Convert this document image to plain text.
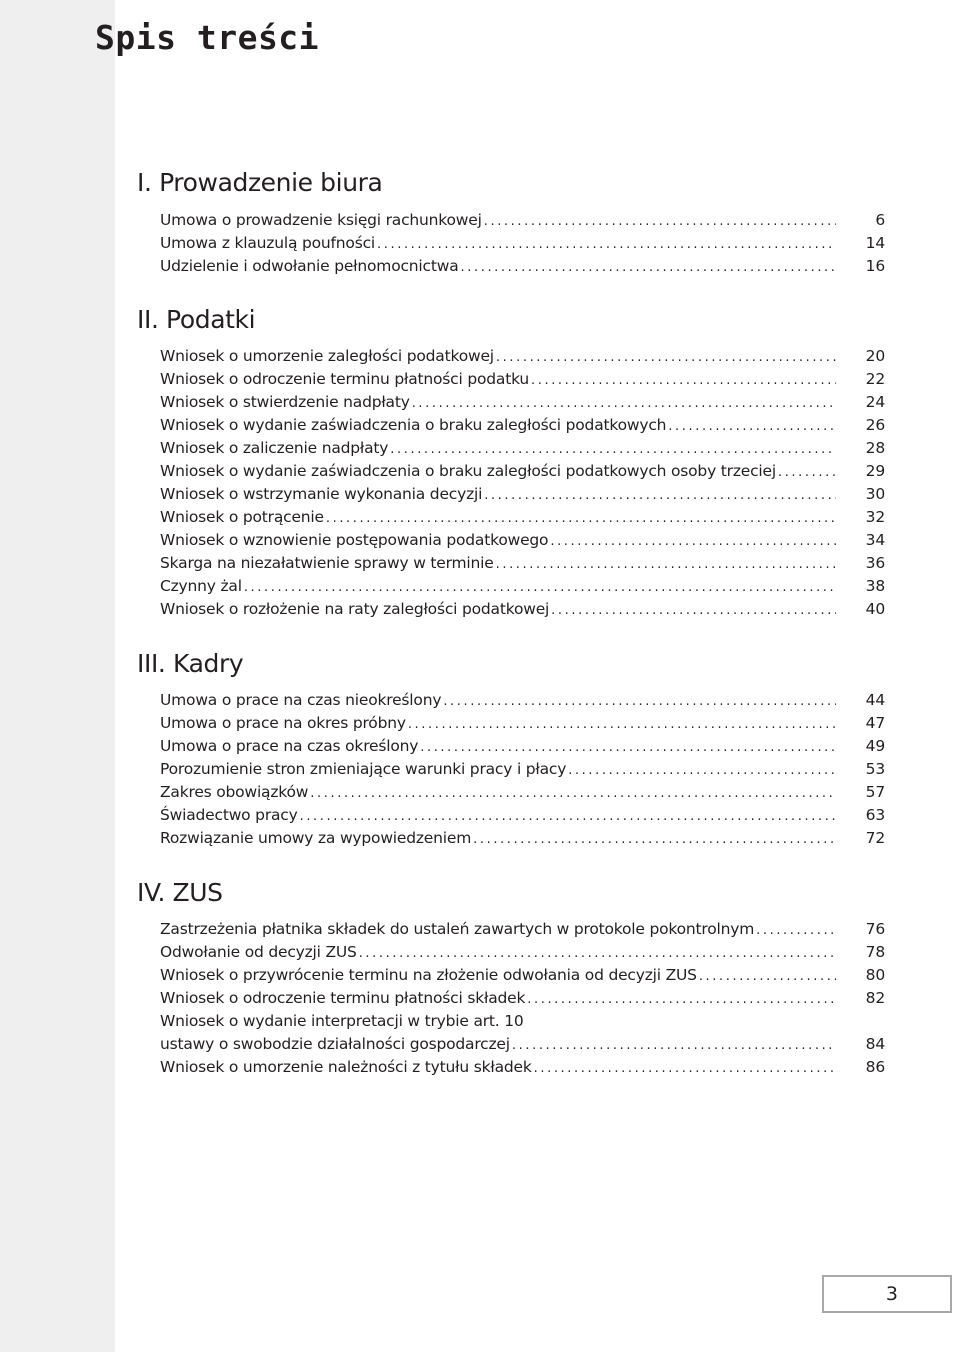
Spis treści
I. Prowadzenie biura
Umowa o prowadzenie księgi rachunkowej .....	6
Umowa z klauzulą poufności .....	14
Udzielenie i odwołanie pełnomocnictwa .....	16
II. Podatki
Wniosek o umorzenie zaległości podatkowej .....	20
Wniosek o odroczenie terminu płatności podatku .....	22
Wniosek o stwierdzenie nadpłaty .....	24
Wniosek o wydanie zaświadczenia o braku zaległości podatkowych .....	26
Wniosek o zaliczenie nadpłaty .....	28
Wniosek o wydanie zaświadczenia o braku zaległości podatkowych osoby trzeciej .....	29
Wniosek o wstrzymanie wykonania decyzji .....	30
Wniosek o potrącenie .....	32
Wniosek o wznowienie postępowania podatkowego .....	34
Skarga na niezałatwienie sprawy w terminie .....	36
Czynny żal .....	38
Wniosek o rozłożenie na raty zaległości podatkowej .....	40
III. Kadry
Umowa o prace na czas nieokreślony .....	44
Umowa o prace na okres próbny .....	47
Umowa o prace na czas określony .....	49
Porozumienie stron zmieniające warunki pracy i płacy .....	53
Zakres obowiązków .....	57
Świadectwo pracy .....	63
Rozwiązanie umowy za wypowiedzeniem .....	72
IV. ZUS
Zastrzeżenia płatnika składek do ustaleń zawartych w protokole pokontrolnym .....	76
Odwołanie od decyzji ZUS .....	78
Wniosek o przywrócenie terminu na złożenie odwołania od decyzji ZUS .....	80
Wniosek o odroczenie terminu płatności składek .....	82
Wniosek o wydanie interpretacji w trybie art. 10
ustawy o swobodzie działalności gospodarczej .....	84
Wniosek o umorzenie należności z tytułu składek .....	86
3
